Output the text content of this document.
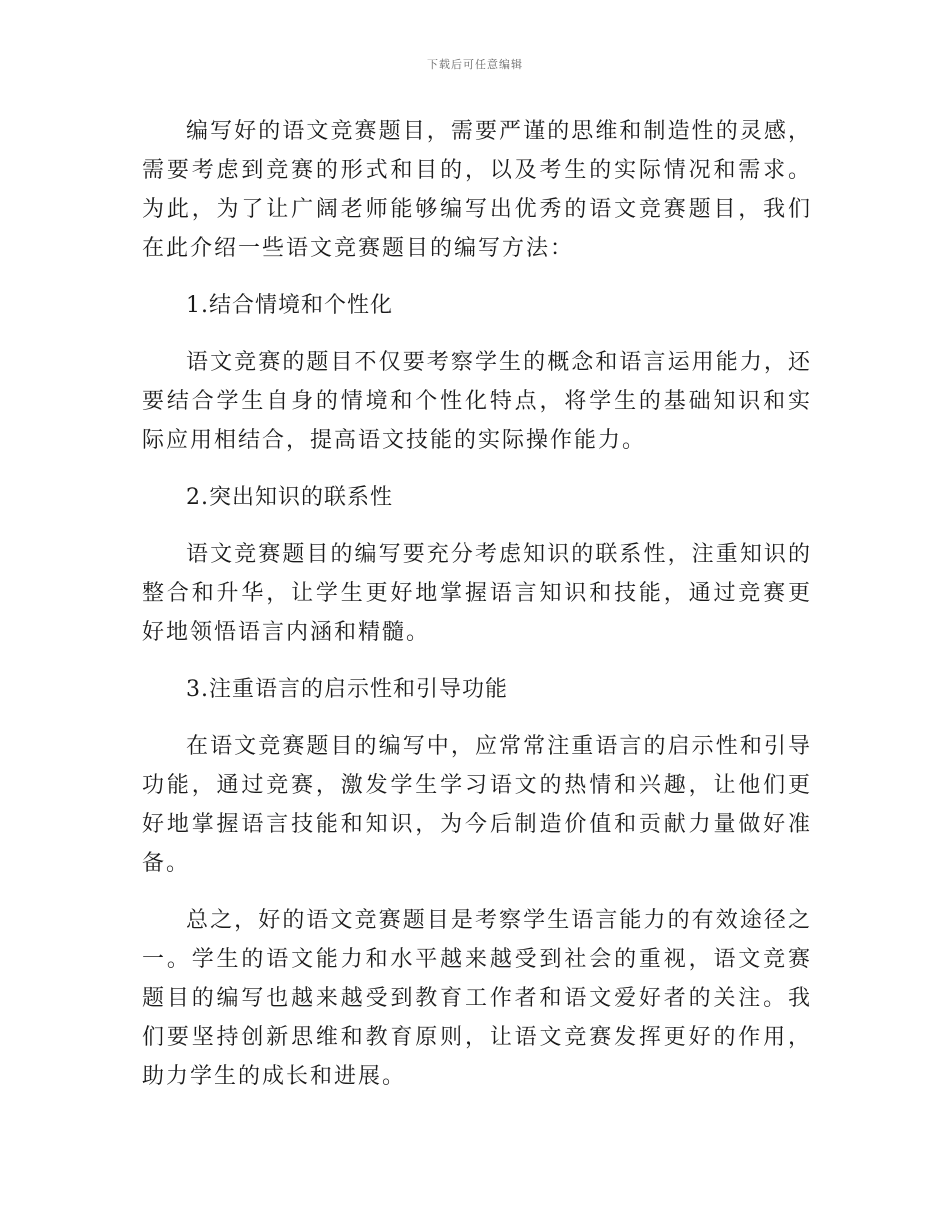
下载后可任意编辑

编写好的语文竞赛题目，需要严谨的思维和制造性的灵感，需要考虑到竞赛的形式和目的，以及考生的实际情况和需求。为此，为了让广阔老师能够编写出优秀的语文竞赛题目，我们在此介绍一些语文竞赛题目的编写方法：

1.结合情境和个性化

语文竞赛的题目不仅要考察学生的概念和语言运用能力，还要结合学生自身的情境和个性化特点，将学生的基础知识和实际应用相结合，提高语文技能的实际操作能力。

2.突出知识的联系性

语文竞赛题目的编写要充分考虑知识的联系性，注重知识的整合和升华，让学生更好地掌握语言知识和技能，通过竞赛更好地领悟语言内涵和精髓。

3.注重语言的启示性和引导功能

在语文竞赛题目的编写中，应常常注重语言的启示性和引导功能，通过竞赛，激发学生学习语文的热情和兴趣，让他们更好地掌握语言技能和知识，为今后制造价值和贡献力量做好准备。

总之，好的语文竞赛题目是考察学生语言能力的有效途径之一。学生的语文能力和水平越来越受到社会的重视，语文竞赛题目的编写也越来越受到教育工作者和语文爱好者的关注。我们要坚持创新思维和教育原则，让语文竞赛发挥更好的作用，助力学生的成长和进展。
